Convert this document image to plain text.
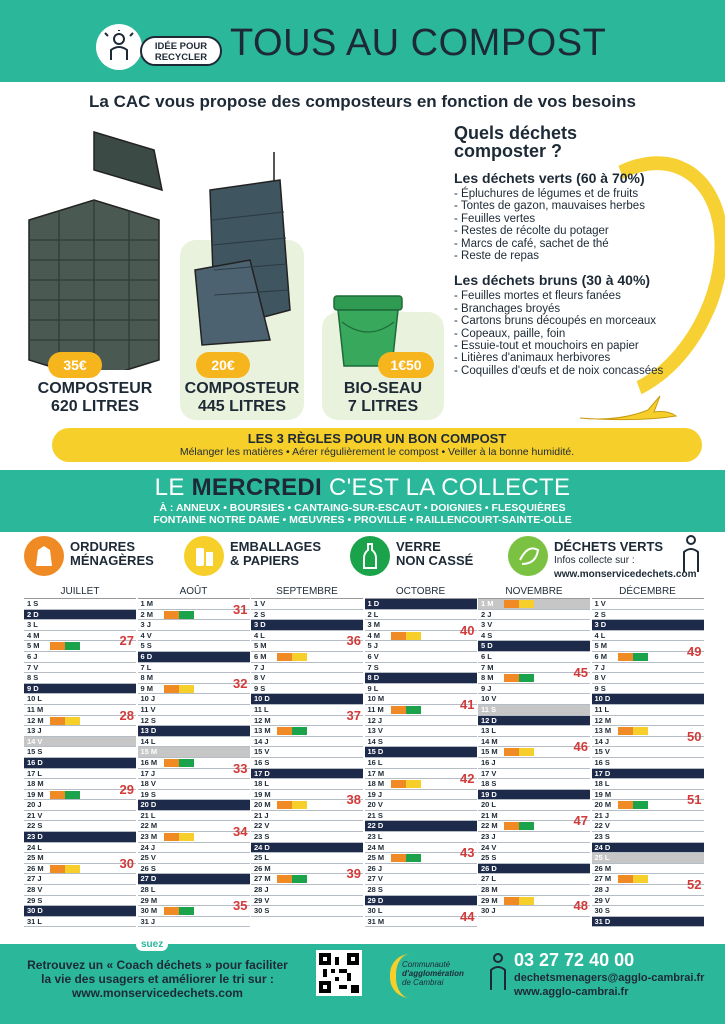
IDÉE POUR
RECYCLER TOUS AU COMPOST
La CAC vous propose des composteurs en fonction de vos besoins
35€
COMPOSTEUR
620 LITRES
20€
COMPOSTEUR
445 LITRES
1€50
BIO-SEAU
7 LITRES
Quels déchets
composter ?
Les déchets verts (60 à 70%)
- Épluchures de légumes et de fruits
- Tontes de gazon, mauvaises herbes
- Feuilles vertes
- Restes de récolte du potager
- Marcs de café, sachet de thé
- Reste de repas
Les déchets bruns (30 à 40%)
- Feuilles mortes et fleurs fanées
- Branchages broyés
- Cartons bruns découpés en morceaux
- Copeaux, paille, foin
- Essuie-tout et mouchoirs en papier
- Litières d'animaux herbivores
- Coquilles d'œufs et de noix concassées
LES 3 RÈGLES POUR UN BON COMPOST
Mélanger les matières • Aérer régulièrement le compost • Veiller à la bonne humidité.
LE MERCREDI C'EST LA COLLECTE
À : ANNEUX • BOURSIES • CANTAING-SUR-ESCAUT • DOIGNIES • FLESQUIÈRES
FONTAINE NOTRE DAME • MŒUVRES • PROVILLE • RAILLENCOURT-SAINTE-OLLE
ORDURES
MÉNAGÈRES
EMBALLAGES
& PAPIERS
VERRE
NON CASSÉ
DÉCHETS VERTS
Infos collecte sur :
www.monservicedechets.com
JUILLET
1 S
2 D
3 L
4 M
5 M	27
6 J
7 V
8 S
9 D
10 L
11 M
12 M	28
13 J
14 V
15 S
16 D
17 L
18 M
19 M	29
20 J
21 V
22 S
23 D
24 L
25 M
26 M	30
27 J
28 V
29 S
30 D
31 L
AOÛT
1 M
2 M	31
3 J
4 V
5 S
6 D
7 L
8 M
9 M	32
10 J
11 V
12 S
13 D
14 L
15 M
16 M
17 J	33
18 V
19 S
20 D
21 L
22 M
23 M	34
24 J
25 V
26 S
27 D
28 L
29 M
30 M	35
31 J
SEPTEMBRE
1 V
2 S
3 D
4 L
5 M	36
6 M
7 J
8 V
9 S
10 D
11 L
12 M	37
13 M
14 J
15 V
16 S
17 D
18 L
19 M
20 M	38
21 J
22 V
23 S
24 D
25 L
26 M
27 M	39
28 J
29 V
30 S
OCTOBRE
1 D
2 L
3 M
4 M	40
5 J
6 V
7 S
8 D
9 L
10 M
11 M	41
12 J
13 V
14 S
15 D
16 L
17 M
18 M	42
19 J
20 V
21 S
22 D
23 L
24 M
25 M	43
26 J
27 V
28 S
29 D
30 L
31 M	44
NOVEMBRE
1 M
2 J
3 V
4 S
5 D
6 L
7 M
8 M	45
9 J
10 V
11 S
12 D
13 L
14 M
15 M	46
16 J
17 V
18 S
19 D
20 L
21 M
22 M	47
23 J
24 V
25 S
26 D
27 L
28 M
29 M
30 J	48
DÉCEMBRE
1 V
2 S
3 D
4 L
5 M
6 M	49
7 J
8 V
9 S
10 D
11 L
12 M
13 M
14 J	50
15 V
16 S
17 D
18 L
19 M
20 M	51
21 J
22 V
23 S
24 D
25 L
26 M
27 M
28 J	52
29 V
30 S
31 D
suez
Retrouvez un « Coach déchets » pour faciliter
la vie des usagers et améliorer le tri sur :
www.monservicedechets.com
Communauté
d'agglomération
de Cambrai
03 27 72 40 00
dechetsmenagers@agglo-cambrai.fr
www.agglo-cambrai.fr
